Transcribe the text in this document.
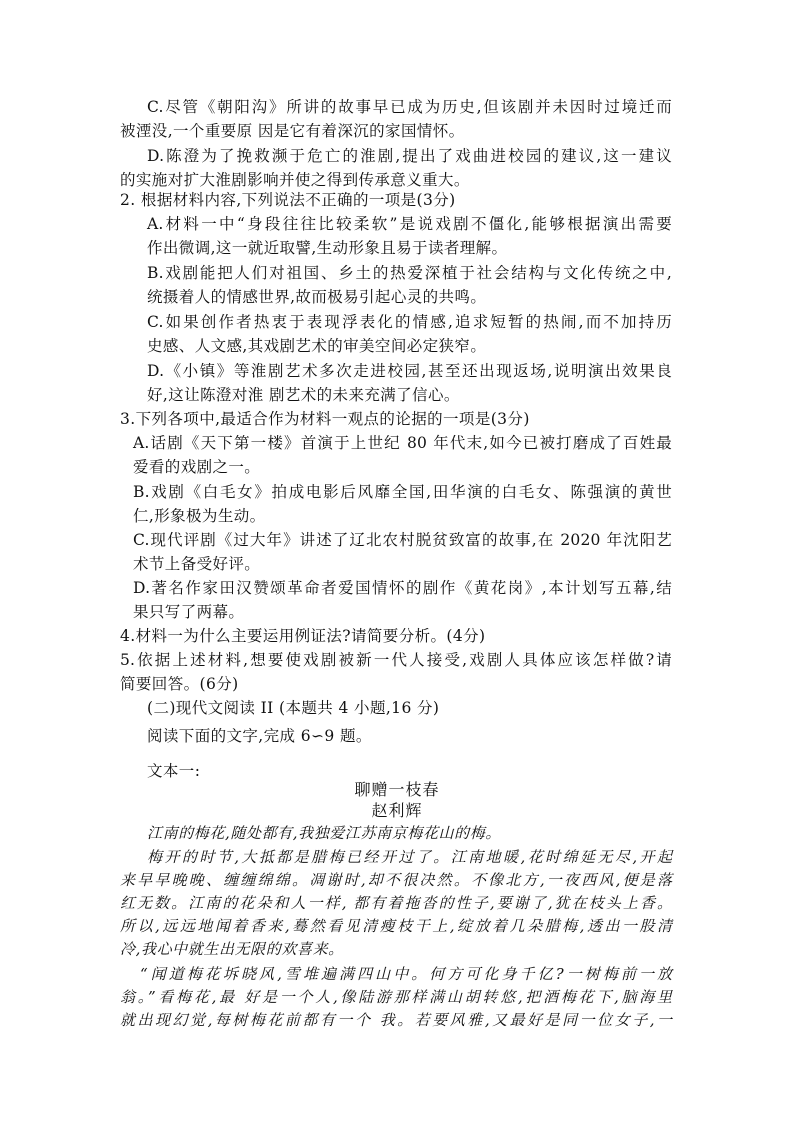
C.尽管《朝阳沟》所讲的故事早已成为历史,但该剧并未因时过境迁而
被湮没,一个重要原 因是它有着深沉的家国情怀。
D.陈澄为了挽救濒于危亡的淮剧,提出了戏曲进校园的建议,这一建议
的实施对扩大淮剧影响并使之得到传承意义重大。
2. 根据材料内容,下列说法不正确的一项是(3分)
A.材料一中“身段往往比较柔软”是说戏剧不僵化,能够根据演出需要
作出微调,这一就近取譬,生动形象且易于读者理解。
B.戏剧能把人们对祖国、乡土的热爱深植于社会结构与文化传统之中,
统摄着人的情感世界,故而极易引起心灵的共鸣。
C.如果创作者热衷于表现浮表化的情感,追求短暂的热闹,而不加持历
史感、人文感,其戏剧艺术的审美空间必定狭窄。
D.《小镇》等淮剧艺术多次走进校园,甚至还出现返场,说明演出效果良
好,这让陈澄对淮 剧艺术的未来充满了信心。
3.下列各项中,最适合作为材料一观点的论据的一项是(3分)
A.话剧《天下第一楼》首演于上世纪 80 年代末,如今已被打磨成了百姓最
爱看的戏剧之一。
B.戏剧《白毛女》拍成电影后风靡全国,田华演的白毛女、陈强演的黄世
仁,形象极为生动。
C.现代评剧《过大年》讲述了辽北农村脱贫致富的故事,在 2020 年沈阳艺
术节上备受好评。
D.著名作家田汉赞颂革命者爱国情怀的剧作《黄花岗》,本计划写五幕,结
果只写了两幕。
4.材料一为什么主要运用例证法?请简要分析。(4分)
5.依据上述材料,想要使戏剧被新一代人接受,戏剧人具体应该怎样做?请
简要回答。(6分)
(二)现代文阅读 II (本题共 4 小题,16 分)
阅读下面的文字,完成 6∽9 题。
文本一:
聊赠一枝春
赵利辉
江南的梅花,随处都有,我独爱江苏南京梅花山的梅。
梅开的时节,大抵都是腊梅已经开过了。江南地暖,花时绵延无尽,开起
来早早晚晚、缠缠绵绵。凋谢时,却不很决然。不像北方,一夜西风,便是落
红无数。江南的花朵和人一样, 都有着拖沓的性子,要谢了,犹在枝头上香。
所以,远远地闻着香来,蓦然看见清瘦枝干上,绽放着几朵腊梅,透出一股清
冷,我心中就生出无限的欢喜来。
“闻道梅花坼晓风,雪堆遍满四山中。何方可化身千亿?一树梅前一放
翁。”看梅花,最 好是一个人,像陆游那样满山胡转悠,把酒梅花下,脑海里
就出现幻觉,每树梅花前都有一个 我。若要风雅,又最好是同一位女子,一
